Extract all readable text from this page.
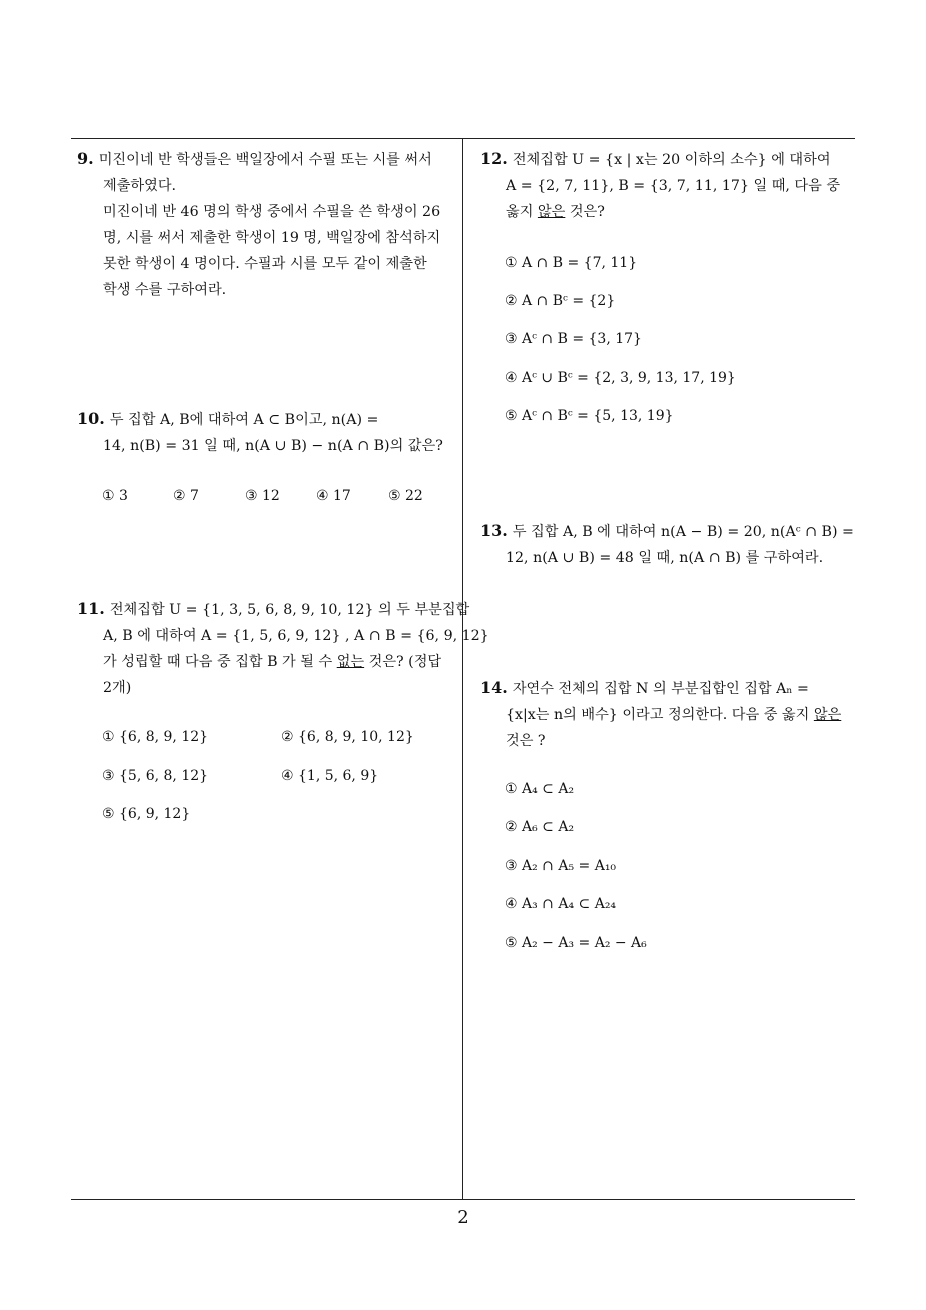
9. 미진이네 반 학생들은 백일장에서 수필 또는 시를 써서
제출하였다.
미진이네 반 46 명의 학생 중에서 수필을 쓴 학생이 26
명, 시를 써서 제출한 학생이 19 명, 백일장에 참석하지
못한 학생이 4 명이다. 수필과 시를 모두 같이 제출한
학생 수를 구하여라.
10. 두 집합 A, B에 대하여 A ⊂ B이고, n(A) =
14, n(B) = 31 일 때, n(A ∪ B) − n(A ∩ B)의 값은?
① 3	② 7	③ 12	④ 17	⑤ 22
11. 전체집합 U = {1, 3, 5, 6, 8, 9, 10, 12} 의 두 부분집합
A, B 에 대하여 A = {1, 5, 6, 9, 12} , A ∩ B = {6, 9, 12}
가 성립할 때 다음 중 집합 B 가 될 수 없는 것은? (정답
2개)
① {6, 8, 9, 12}	② {6, 8, 9, 10, 12}
③ {5, 6, 8, 12}	④ {1, 5, 6, 9}
⑤ {6, 9, 12}
12. 전체집합 U = {x | x는 20 이하의 소수} 에 대하여
A = {2, 7, 11}, B = {3, 7, 11, 17} 일 때, 다음 중
옳지 않은 것은?
① A ∩ B = {7, 11}
② A ∩ Bᶜ = {2}
③ Aᶜ ∩ B = {3, 17}
④ Aᶜ ∪ Bᶜ = {2, 3, 9, 13, 17, 19}
⑤ Aᶜ ∩ Bᶜ = {5, 13, 19}
13. 두 집합 A, B 에 대하여 n(A − B) = 20, n(Aᶜ ∩ B) =
12, n(A ∪ B) = 48 일 때, n(A ∩ B) 를 구하여라.
14. 자연수 전체의 집합 N 의 부분집합인 집합 Aₙ =
{x|x는 n의 배수} 이라고 정의한다. 다음 중 옳지 않은
것은 ?
① A₄ ⊂ A₂
② A₆ ⊂ A₂
③ A₂ ∩ A₅ = A₁₀
④ A₃ ∩ A₄ ⊂ A₂₄
⑤ A₂ − A₃ = A₂ − A₆
2
